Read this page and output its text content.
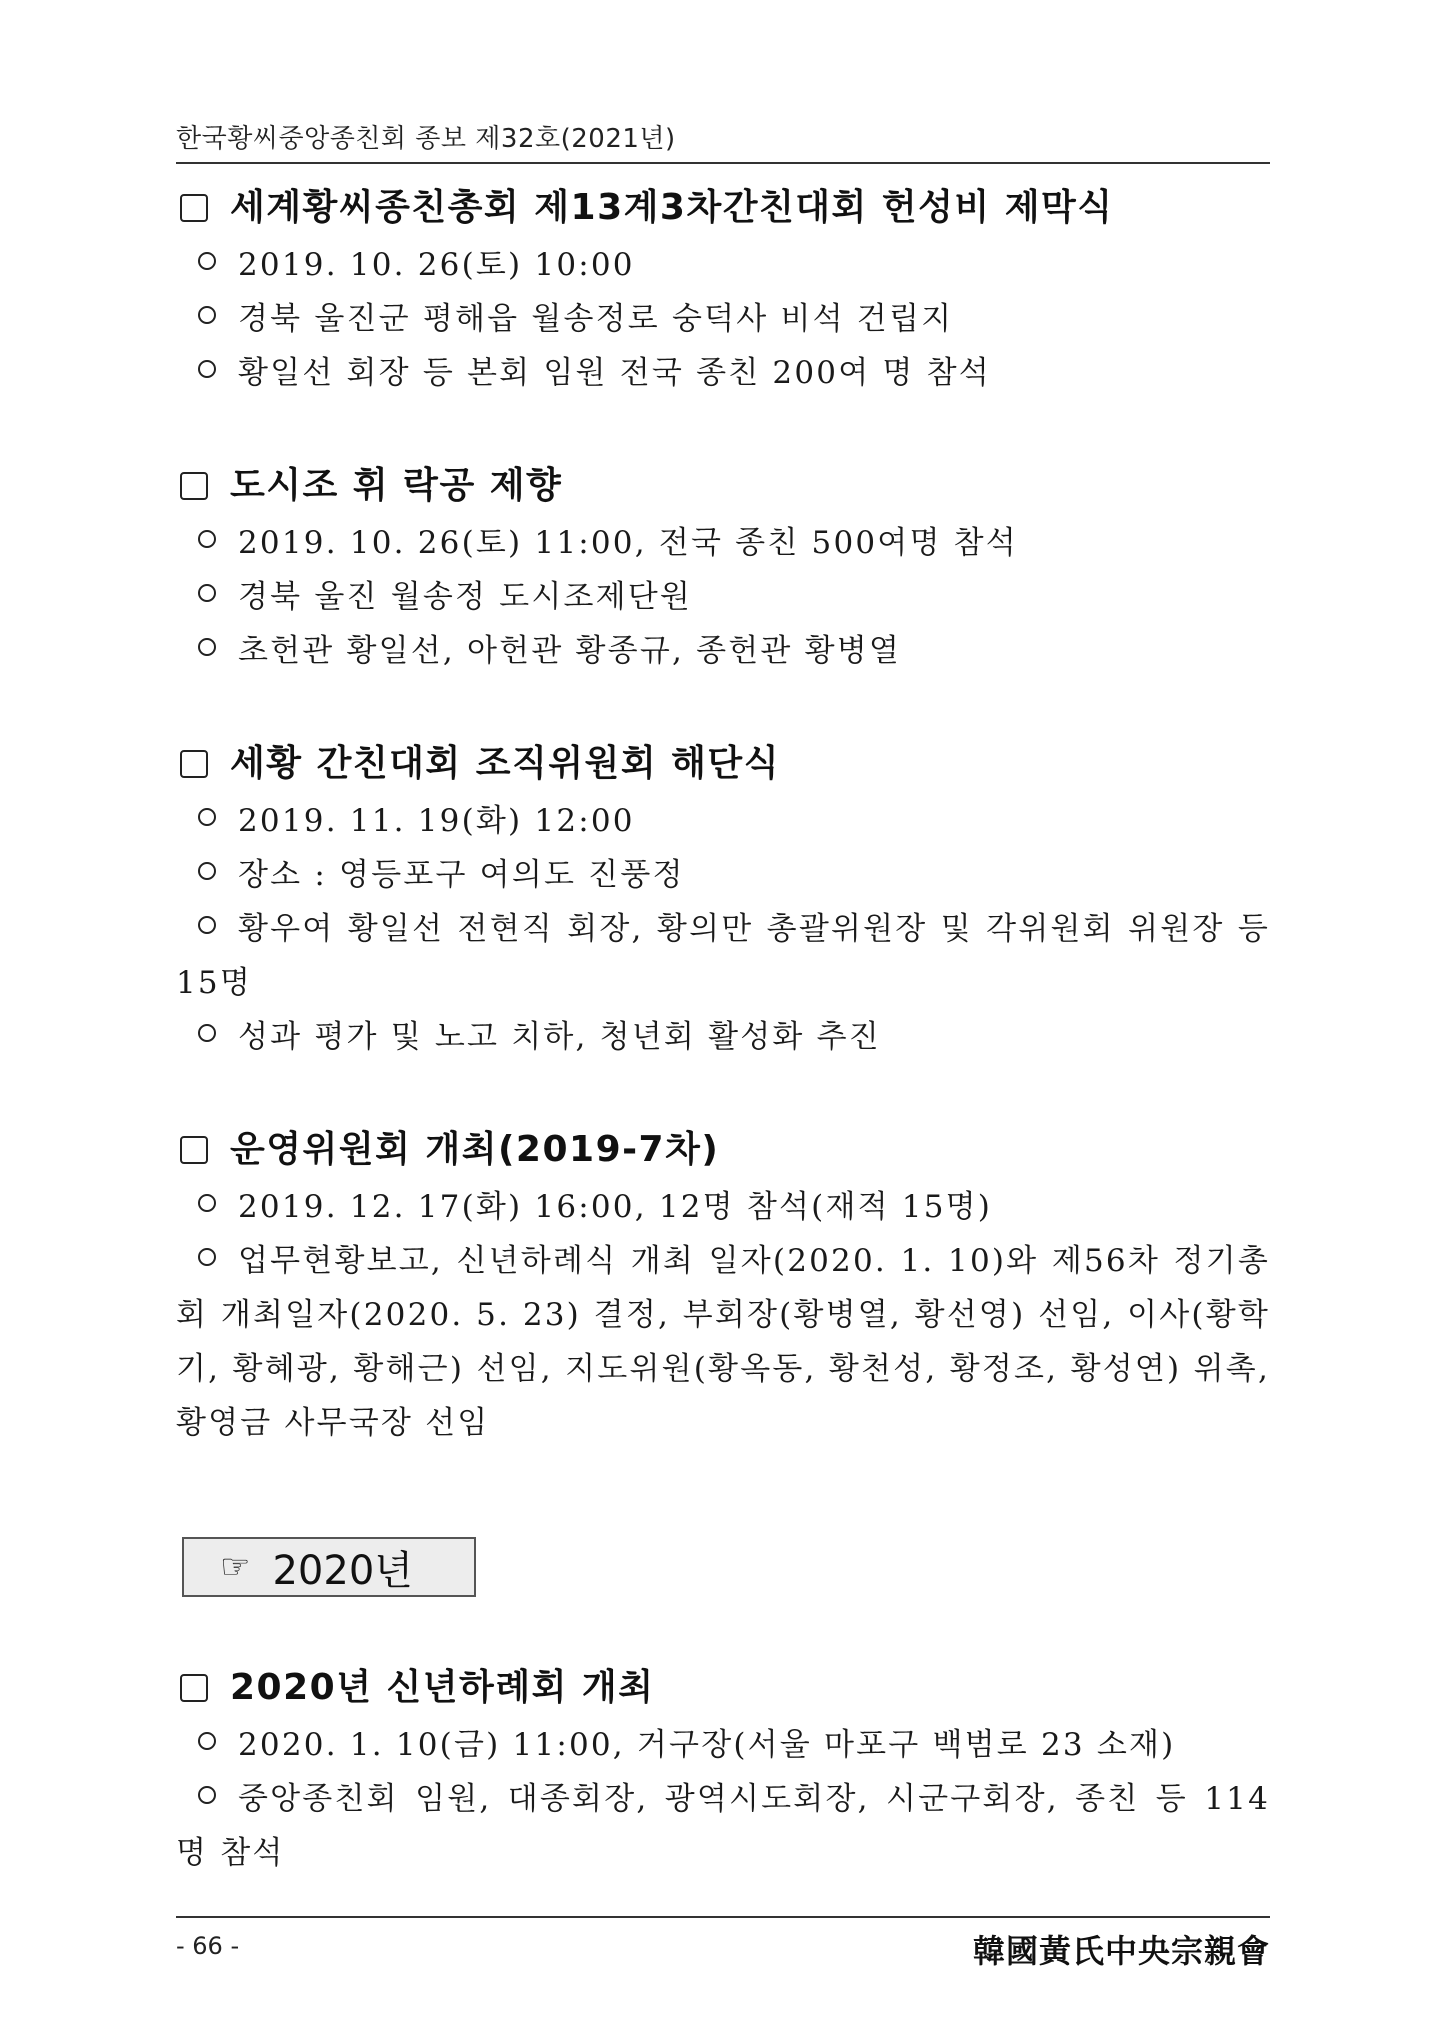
한국황씨중앙종친회 종보 제32호(2021년)
세계황씨종친총회 제13계3차간친대회 헌성비 제막식
2019. 10. 26(토) 10:00
경북 울진군 평해읍 월송정로 숭덕사 비석 건립지
황일선 회장 등 본회 임원 전국 종친 200여 명 참석
도시조 휘 락공 제향
2019. 10. 26(토) 11:00, 전국 종친 500여명 참석
경북 울진 월송정 도시조제단원
초헌관 황일선, 아헌관 황종규, 종헌관 황병열
세황 간친대회 조직위원회 해단식
2019. 11. 19(화) 12:00
장소 : 영등포구 여의도 진풍정
황우여 황일선 전현직 회장, 황의만 총괄위원장 및 각위원회 위원장 등 15명
성과 평가 및 노고 치하, 청년회 활성화 추진
운영위원회 개최(2019-7차)
2019. 12. 17(화) 16:00, 12명 참석(재적 15명)
업무현황보고, 신년하례식 개최 일자(2020. 1. 10)와 제56차 정기총회 개최일자(2020. 5. 23) 결정, 부회장(황병열, 황선영) 선임, 이사(황학기, 황혜광, 황해근) 선임, 지도위원(황옥동, 황천성, 황정조, 황성연) 위촉, 황영금 사무국장 선임
☞ 2020년
2020년 신년하례회 개최
2020. 1. 10(금) 11:00, 거구장(서울 마포구 백범로 23 소재)
중앙종친회 임원, 대종회장, 광역시도회장, 시군구회장, 종친 등 114명 참석
- 66 -	韓國黃氏中央宗親會
